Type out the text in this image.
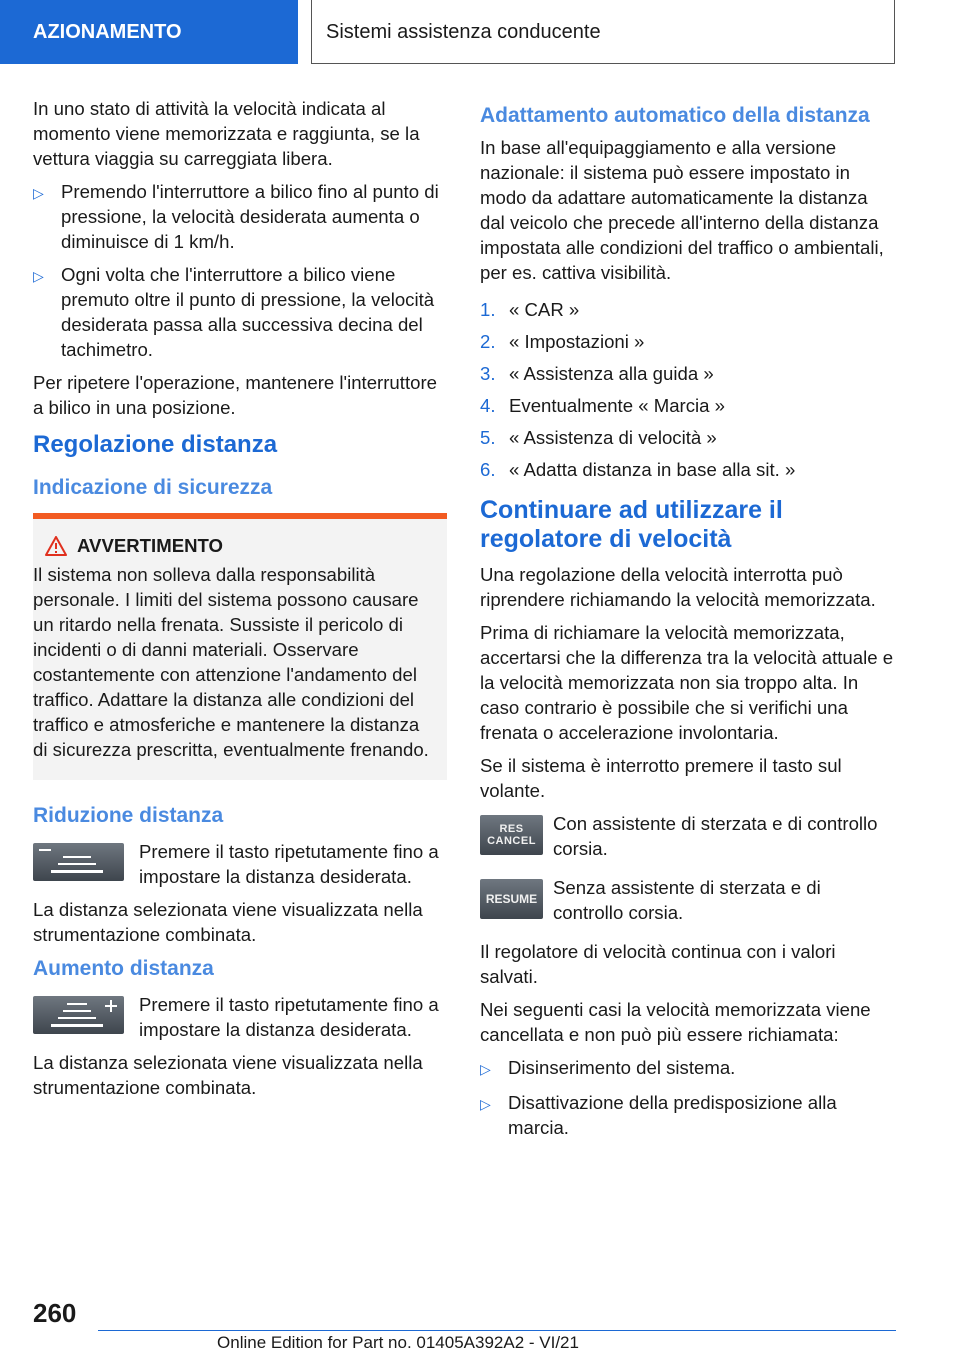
AZIONAMENTO	Sistemi assistenza conducente

In uno stato di attività la velocità indicata al momento viene memorizzata e raggiunta, se la vettura viaggia su carreggiata libera.

▷ Premendo l'interruttore a bilico fino al punto di pressione, la velocità desiderata aumenta o diminuisce di 1 km/h.
▷ Ogni volta che l'interruttore a bilico viene premuto oltre il punto di pressione, la velocità desiderata passa alla successiva decina del tachimetro.

Per ripetere l'operazione, mantenere l'interruttore a bilico in una posizione.

Regolazione distanza
Indicazione di sicurezza
AVVERTIMENTO
Il sistema non solleva dalla responsabilità personale. I limiti del sistema possono causare un ritardo nella frenata. Sussiste il pericolo di incidenti o di danni materiali. Osservare costantemente con attenzione l'andamento del traffico. Adattare la distanza alle condizioni del traffico e atmosferiche e mantenere la distanza di sicurezza prescritta, eventualmente frenando.
Riduzione distanza
Premere il tasto ripetutamente fino a impostare la distanza desiderata.

La distanza selezionata viene visualizzata nella strumentazione combinata.

Aumento distanza
Premere il tasto ripetutamente fino a impostare la distanza desiderata.

La distanza selezionata viene visualizzata nella strumentazione combinata.

Adattamento automatico della distanza

In base all'equipaggiamento e alla versione nazionale: il sistema può essere impostato in modo da adattare automaticamente la distanza dal veicolo che precede all'interno della distanza impostata alle condizioni del traffico o ambientali, per es. cattiva visibilità.

1. « CAR »
2. « Impostazioni »
3. « Assistenza alla guida »
4. Eventualmente « Marcia »
5. « Assistenza di velocità »
6. « Adatta distanza in base alla sit. »
Continuare ad utilizzare il regolatore di velocità

Una regolazione della velocità interrotta può riprendere richiamando la velocità memorizzata.

Prima di richiamare la velocità memorizzata, accertarsi che la differenza tra la velocità attuale e la velocità memorizzata non sia troppo alta. In caso contrario è possibile che si verifichi una frenata o accelerazione involontaria.

Se il sistema è interrotto premere il tasto sul volante.

RES
CANCEL
Con assistente di sterzata e di controllo corsia.
RESUME
Senza assistente di sterzata e di controllo corsia.

Il regolatore di velocità continua con i valori salvati.

Nei seguenti casi la velocità memorizzata viene cancellata e non può più essere richiamata:

▷ Disinserimento del sistema.
▷ Disattivazione della predisposizione alla marcia.
260
Online Edition for Part no. 01405A392A2 - VI/21
